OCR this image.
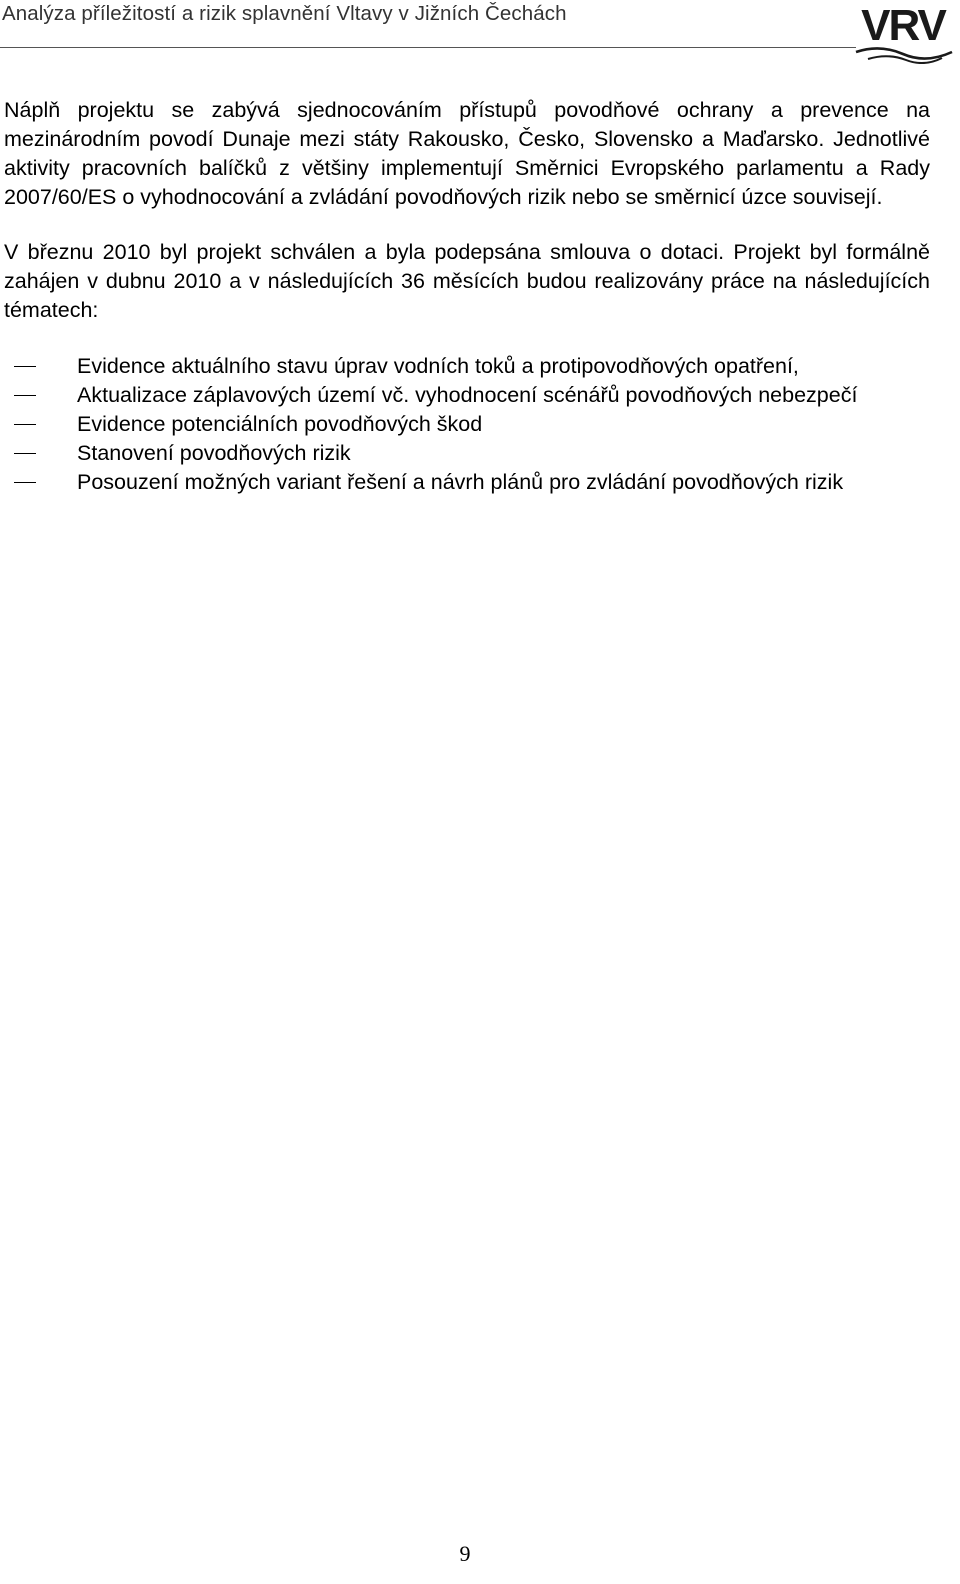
Analýza příležitostí a rizik splavnění Vltavy v Jižních Čechách	VRV

Náplň projektu se zabývá sjednocováním přístupů povodňové ochrany a prevence na mezinárodním povodí Dunaje mezi státy Rakousko, Česko, Slovensko a Maďarsko. Jednotlivé aktivity pracovních balíčků z většiny implementují Směrnici Evropského parlamentu a Rady 2007/60/ES o vyhodnocování a zvládání povodňových rizik nebo se směrnicí úzce souvisejí.

V březnu 2010 byl projekt schválen a byla podepsána smlouva o dotaci. Projekt byl formálně zahájen v dubnu 2010 a v následujících 36 měsících budou realizovány práce na následujících tématech:

Evidence aktuálního stavu úprav vodních toků a protipovodňových opatření,
Aktualizace záplavových území vč. vyhodnocení scénářů povodňových nebezpečí
Evidence potenciálních povodňových škod
Stanovení povodňových rizik
Posouzení možných variant řešení a návrh plánů pro zvládání povodňových rizik
9
